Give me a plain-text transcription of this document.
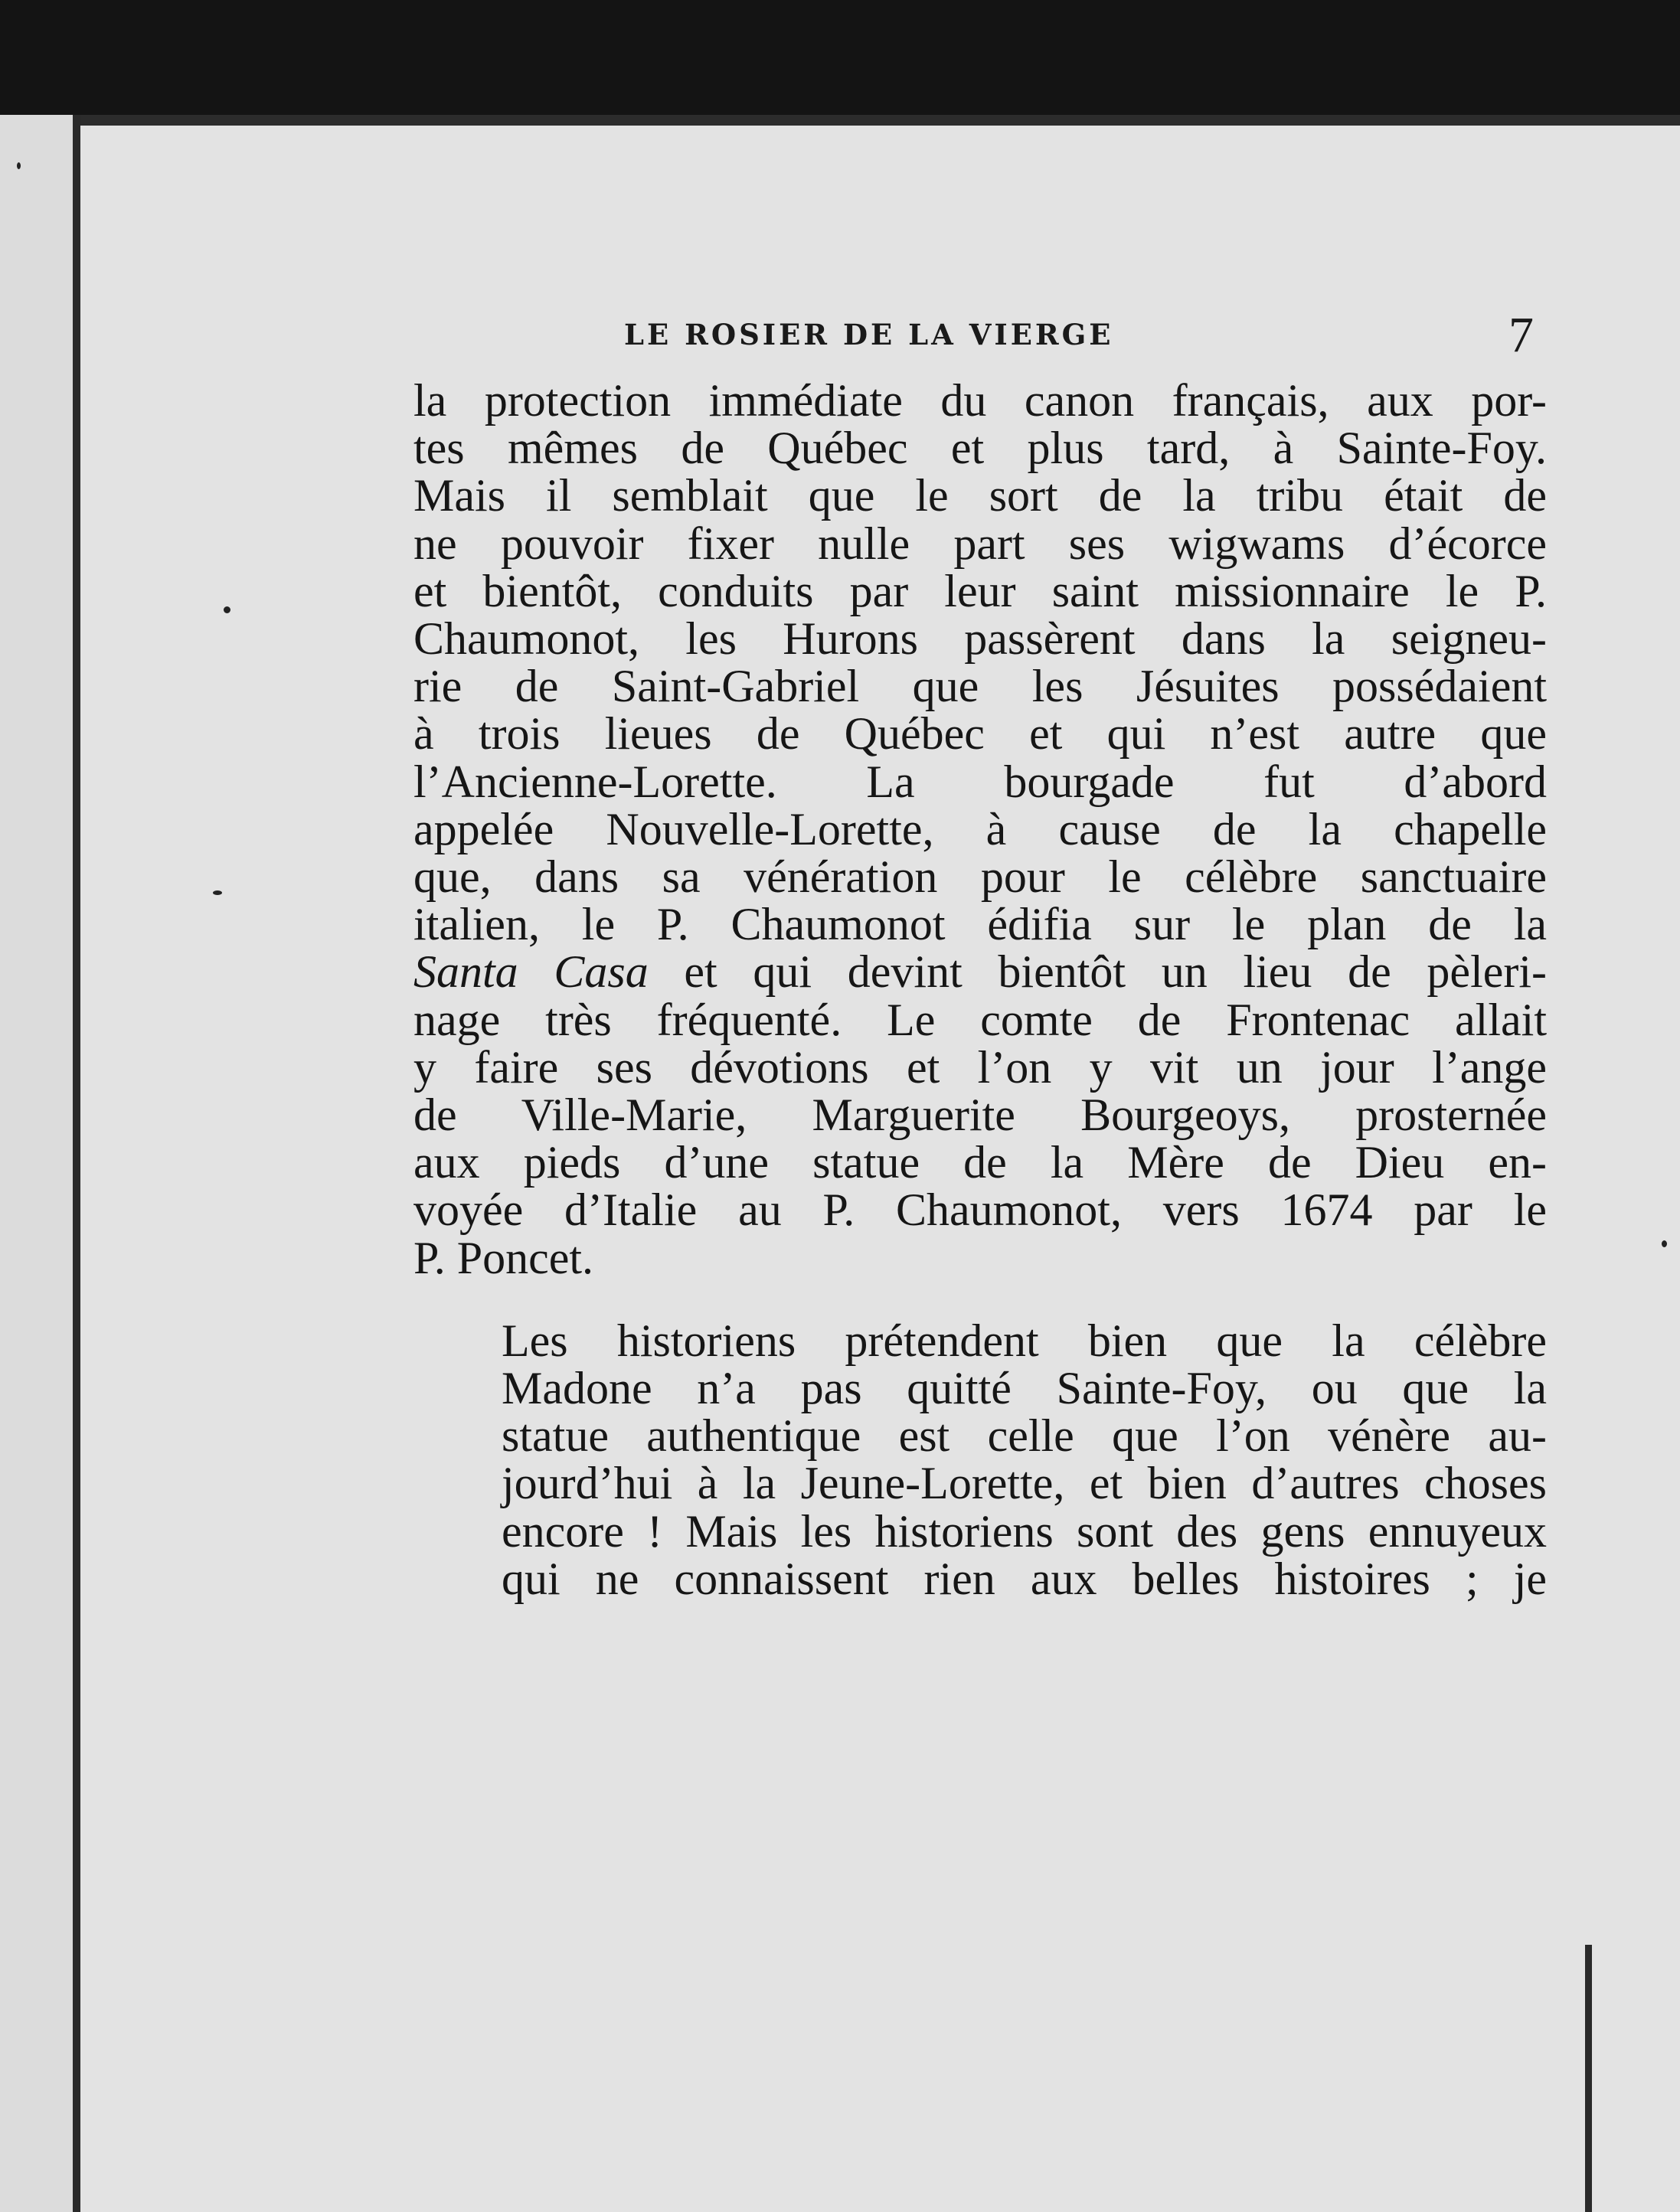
LE ROSIER DE LA VIERGE	7
la protection immédiate du canon français, aux por-
tes mêmes de Québec et plus tard, à Sainte-Foy.
Mais il semblait que le sort de la tribu était de
ne pouvoir fixer nulle part ses wigwams d’écorce
et bientôt, conduits par leur saint missionnaire le P.
Chaumonot, les Hurons passèrent dans la seigneu-
rie de Saint-Gabriel que les Jésuites possédaient
à trois lieues de Québec et qui n’est autre que
l’Ancienne-Lorette. La bourgade fut d’abord
appelée Nouvelle-Lorette, à cause de la chapelle
que, dans sa vénération pour le célèbre sanctuaire
italien, le P. Chaumonot édifia sur le plan de la
Santa Casa et qui devint bientôt un lieu de pèleri-
nage très fréquenté. Le comte de Frontenac allait
y faire ses dévotions et l’on y vit un jour l’ange
de Ville-Marie, Marguerite Bourgeoys, prosternée
aux pieds d’une statue de la Mère de Dieu en-
voyée d’Italie au P. Chaumonot, vers 1674 par le
P. Poncet.
Les historiens prétendent bien que la célèbre
Madone n’a pas quitté Sainte-Foy, ou que la
statue authentique est celle que l’on vénère au-
jourd’hui à la Jeune-Lorette, et bien d’autres choses
encore ! Mais les historiens sont des gens ennuyeux
qui ne connaissent rien aux belles histoires ; je
